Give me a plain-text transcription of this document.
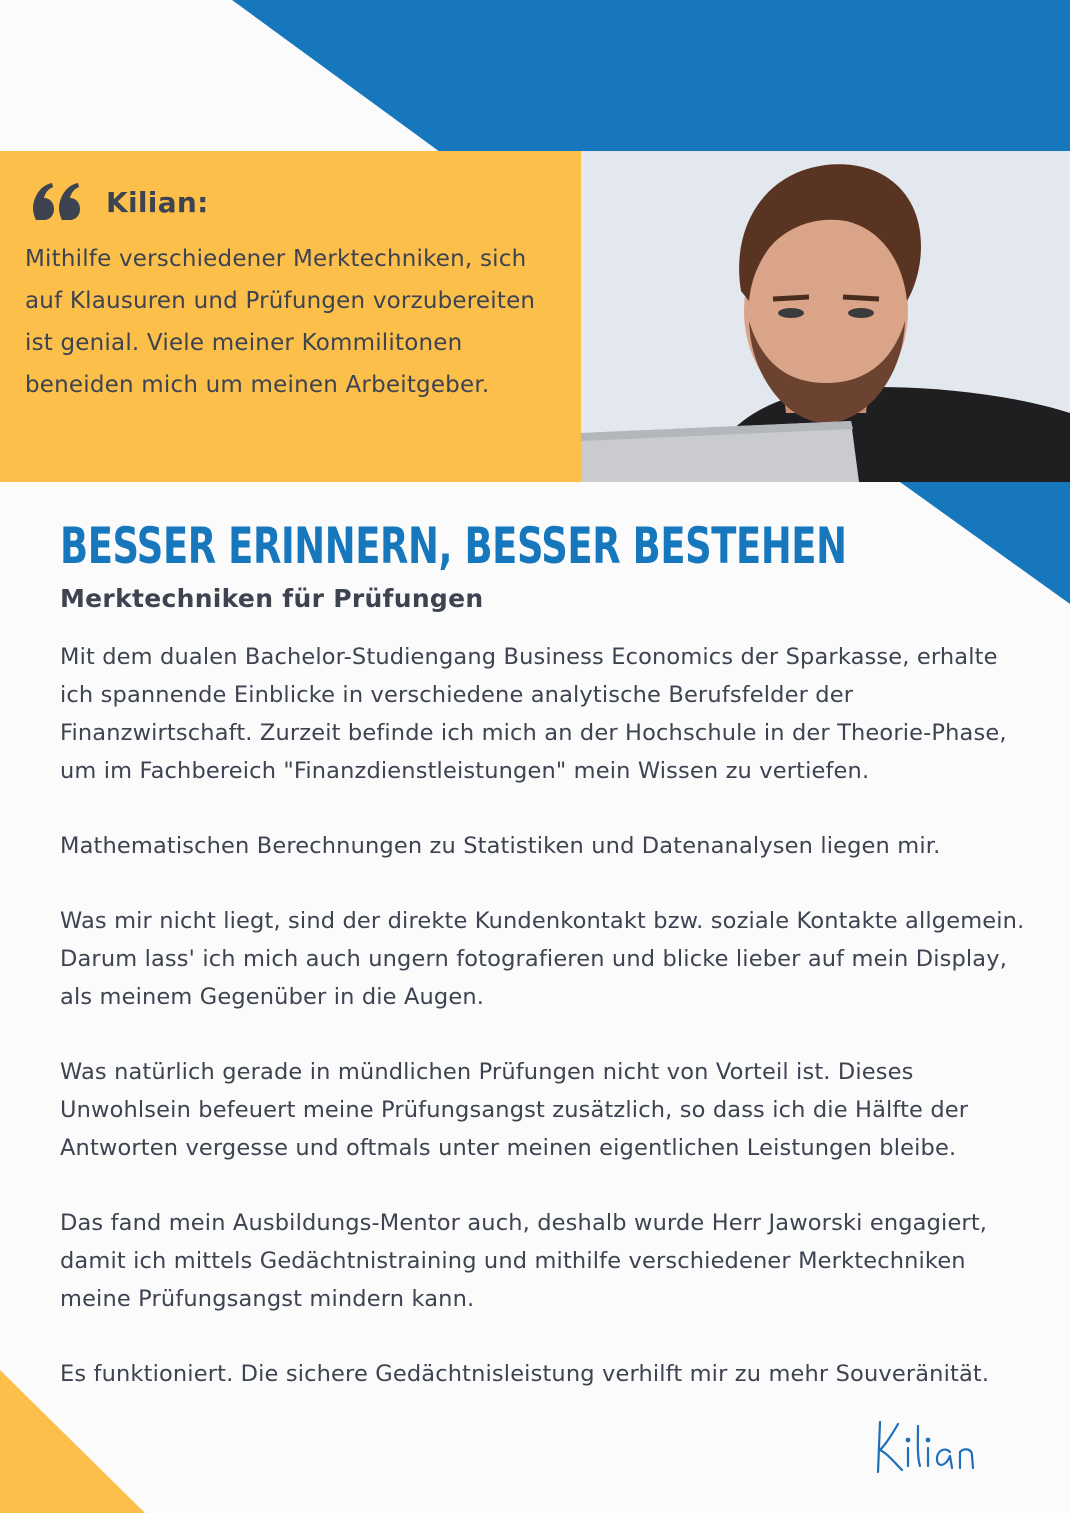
Kilian:
Mithilfe verschiedener Merktechniken, sich auf Klausuren und Prüfungen vorzubereiten ist genial. Viele meiner Kommilitonen beneiden mich um meinen Arbeitgeber.
BESSER ERINNERN, BESSER BESTEHEN
Merktechniken für Prüfungen

Mit dem dualen Bachelor-Studiengang Business Economics der Sparkasse, erhalte ich spannende Einblicke in verschiedene analytische Berufsfelder der Finanzwirtschaft. Zurzeit befinde ich mich an der Hochschule in der Theorie-Phase, um im Fachbereich "Finanzdienstleistungen" mein Wissen zu vertiefen.

Mathematischen Berechnungen zu Statistiken und Datenanalysen liegen mir.

Was mir nicht liegt, sind der direkte Kundenkontakt bzw. soziale Kontakte allgemein. Darum lass' ich mich auch ungern fotografieren und blicke lieber auf mein Display, als meinem Gegenüber in die Augen.

Was natürlich gerade in mündlichen Prüfungen nicht von Vorteil ist. Dieses Unwohlsein befeuert meine Prüfungsangst zusätzlich, so dass ich die Hälfte der Antworten vergesse und oftmals unter meinen eigentlichen Leistungen bleibe.

Das fand mein Ausbildungs-Mentor auch, deshalb wurde Herr Jaworski engagiert, damit ich mittels Gedächtnistraining und mithilfe verschiedener Merktechniken meine Prüfungsangst mindern kann.

Es funktioniert. Die sichere Gedächtnisleistung verhilft mir zu mehr Souveränität.
